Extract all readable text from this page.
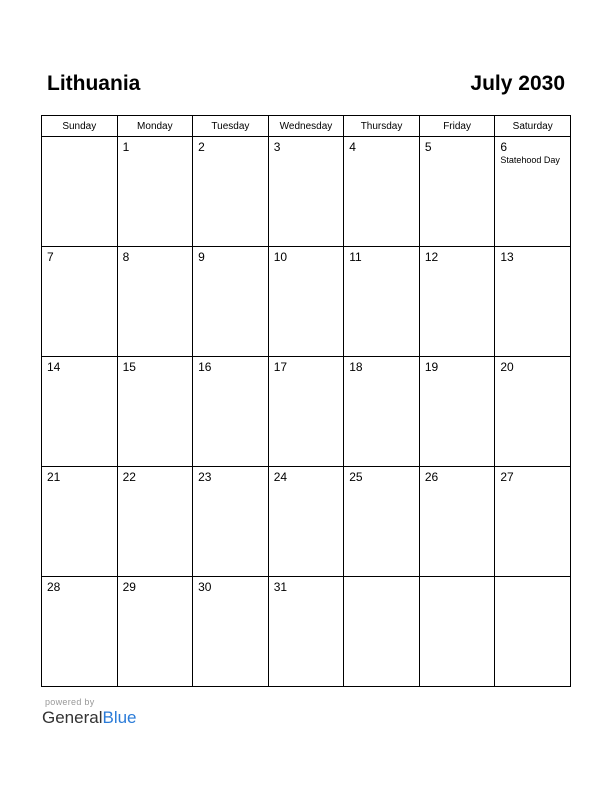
Lithuania	July 2030
Sunday	Monday	Tuesday	Wednesday	Thursday	Friday	Saturday

	1	2	3	4	5	6
Statehood Day

7	8	9	10	11	12	13

14	15	16	17	18	19	20

21	22	23	24	25	26	27

28	29	30	31			

powered by
GeneralBlue
